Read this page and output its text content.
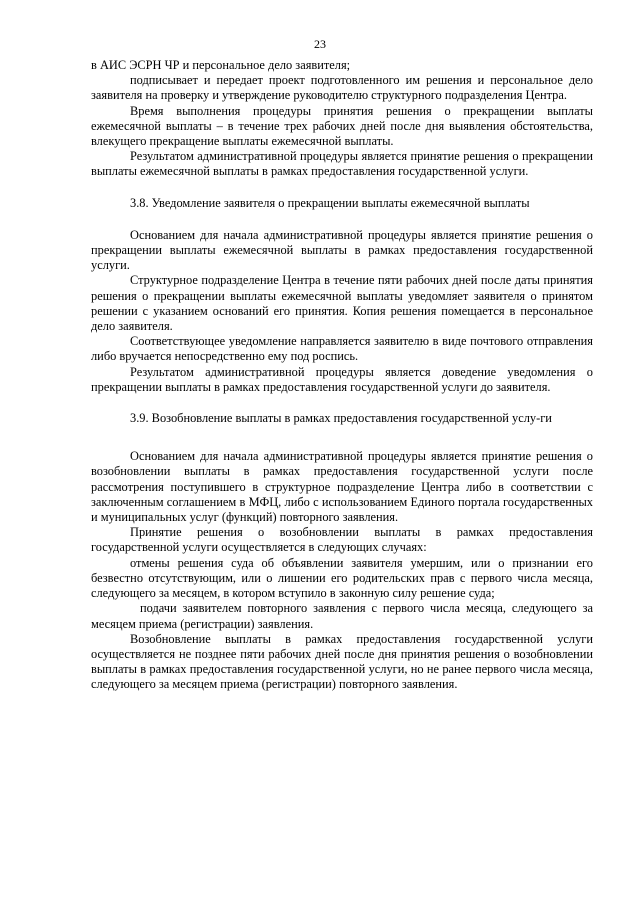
23

в АИС ЭСРН ЧР и персональное дело заявителя;

подписывает и передает проект подготовленного им решения и персональное дело заявителя на проверку и утверждение руководителю структурного подразделения Центра.

Время выполнения процедуры принятия решения о прекращении выплаты ежемесячной выплаты – в течение трех рабочих дней после дня выявления обстоятельства, влекущего прекращение выплаты ежемесячной выплаты.

Результатом административной процедуры является принятие решения о прекращении выплаты ежемесячной выплаты в рамках предоставления государственной услуги.

3.8. Уведомление заявителя о прекращении выплаты ежемесячной выплаты

Основанием для начала административной процедуры является принятие решения о прекращении выплаты ежемесячной выплаты в рамках предоставления государственной услуги.

Структурное подразделение Центра в течение пяти рабочих дней после даты принятия решения о прекращении выплаты ежемесячной выплаты уведомляет заявителя о принятом решении с указанием оснований его принятия. Копия решения помещается в персональное дело заявителя.

Соответствующее уведомление направляется заявителю в виде почтового отправления либо вручается непосредственно ему под роспись.

Результатом административной процедуры является доведение уведомления о прекращении выплаты в рамках предоставления государственной услуги до заявителя.

3.9. Возобновление выплаты в рамках предоставления государственной услу-ги

Основанием для начала административной процедуры является принятие решения о возобновлении выплаты в рамках предоставления государственной услуги после рассмотрения поступившего в структурное подразделение Центра либо в соответствии с заключенным соглашением в МФЦ, либо с использованием Единого портала государственных и муниципальных услуг (функций) повторного заявления.

Принятие решения о возобновлении выплаты в рамках предоставления государственной услуги осуществляется в следующих случаях:

отмены решения суда об объявлении заявителя умершим, или о признании его безвестно отсутствующим, или о лишении его родительских прав с первого числа месяца, следующего за месяцем, в котором вступило в законную силу решение суда;

подачи заявителем повторного заявления с первого числа месяца, следующего за месяцем приема (регистрации) заявления.

Возобновление выплаты в рамках предоставления государственной услуги осуществляется не позднее пяти рабочих дней после дня принятия решения о возобновлении выплаты в рамках предоставления государственной услуги, но не ранее первого числа месяца, следующего за месяцем приема (регистрации) повторного заявления.
